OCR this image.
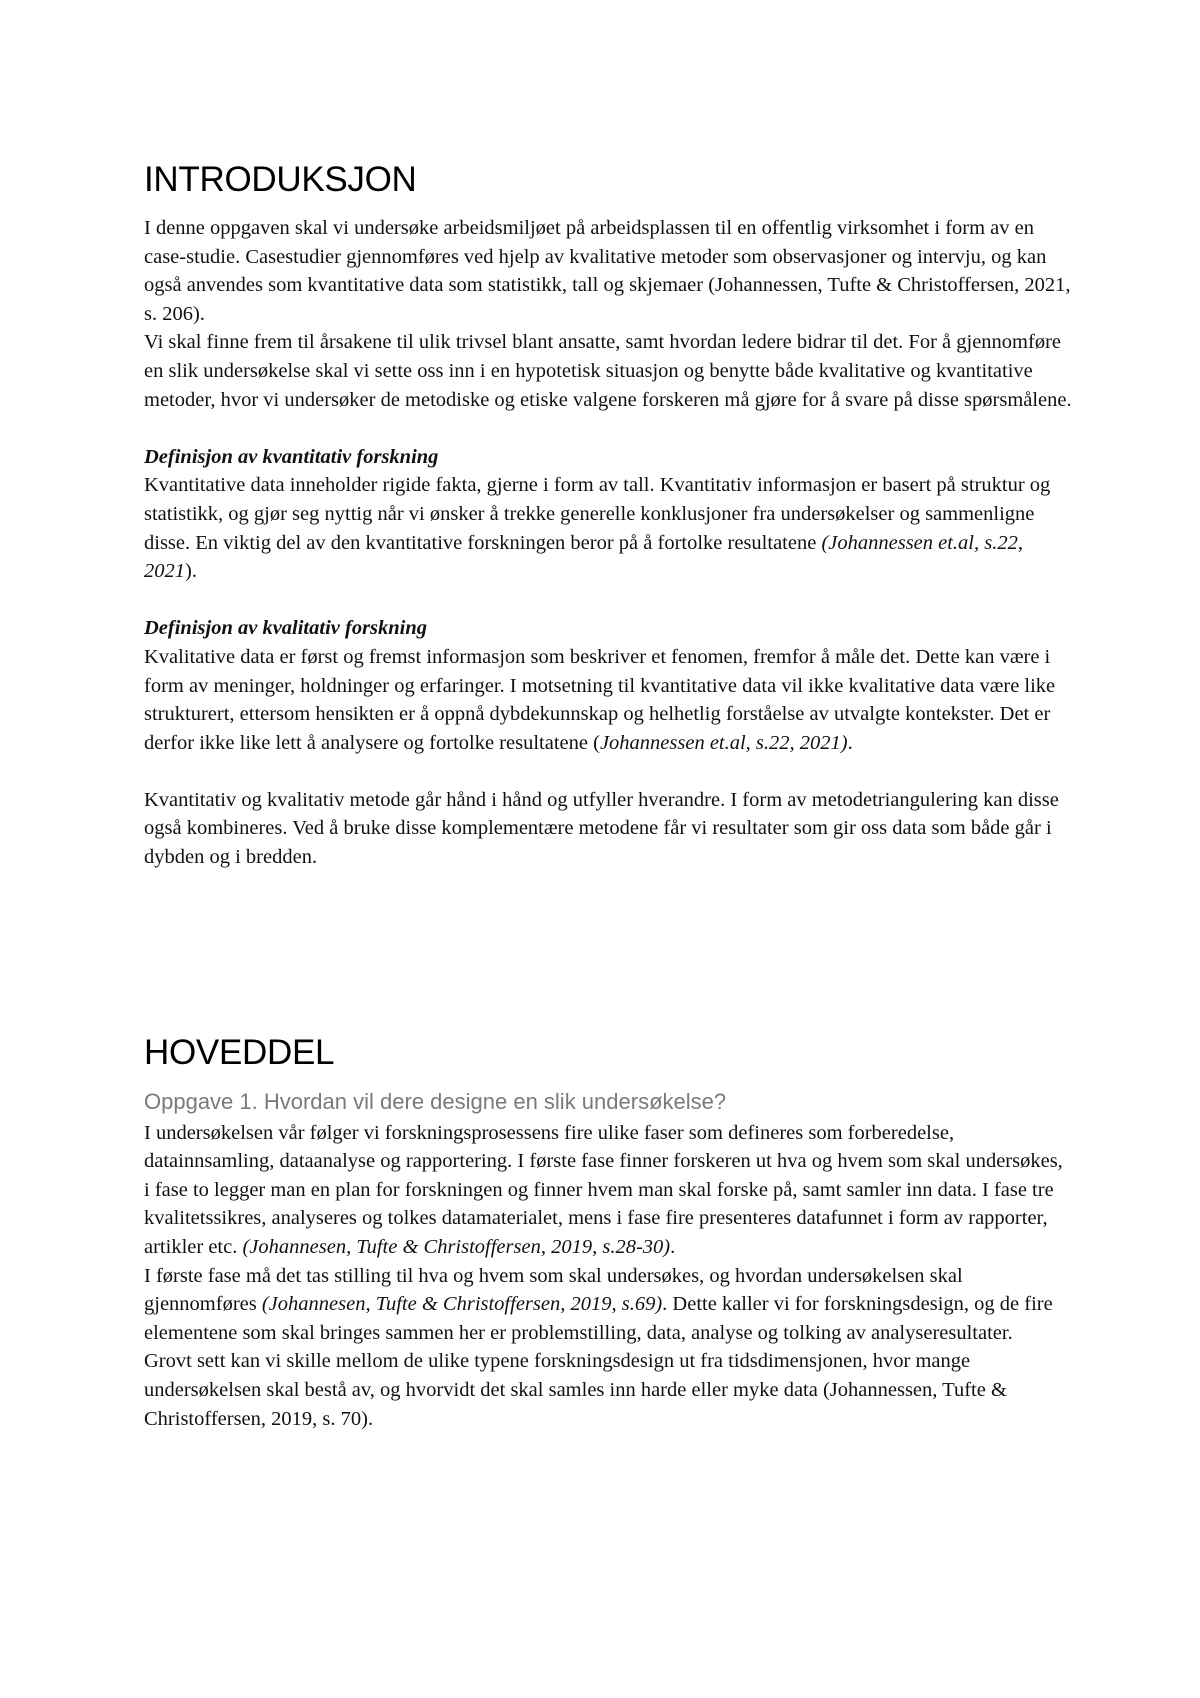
INTRODUKSJON

I denne oppgaven skal vi undersøke arbeidsmiljøet på arbeidsplassen til en offentlig virksomhet i form av en case-studie. Casestudier gjennomføres ved hjelp av kvalitative metoder som observasjoner og intervju, og kan også anvendes som kvantitative data som statistikk, tall og skjemaer (Johannessen, Tufte & Christoffersen, 2021, s. 206).

Vi skal finne frem til årsakene til ulik trivsel blant ansatte, samt hvordan ledere bidrar til det. For å gjennomføre en slik undersøkelse skal vi sette oss inn i en hypotetisk situasjon og benytte både kvalitative og kvantitative metoder, hvor vi undersøker de metodiske og etiske valgene forskeren må gjøre for å svare på disse spørsmålene.

Definisjon av kvantitativ forskning

Kvantitative data inneholder rigide fakta, gjerne i form av tall. Kvantitativ informasjon er basert på struktur og statistikk, og gjør seg nyttig når vi ønsker å trekke generelle konklusjoner fra undersøkelser og sammenligne disse. En viktig del av den kvantitative forskningen beror på å fortolke resultatene (Johannessen et.al, s.22, 2021).

Definisjon av kvalitativ forskning

Kvalitative data er først og fremst informasjon som beskriver et fenomen, fremfor å måle det. Dette kan være i form av meninger, holdninger og erfaringer. I motsetning til kvantitative data vil ikke kvalitative data være like strukturert, ettersom hensikten er å oppnå dybdekunnskap og helhetlig forståelse av utvalgte kontekster. Det er derfor ikke like lett å analysere og fortolke resultatene (Johannessen et.al, s.22, 2021).

Kvantitativ og kvalitativ metode går hånd i hånd og utfyller hverandre. I form av metodetriangulering kan disse også kombineres. Ved å bruke disse komplementære metodene får vi resultater som gir oss data som både går i dybden og i bredden.

HOVEDDEL
Oppgave 1. Hvordan vil dere designe en slik undersøkelse?

I undersøkelsen vår følger vi forskningsprosessens fire ulike faser som defineres som forberedelse, datainnsamling, dataanalyse og rapportering. I første fase finner forskeren ut hva og hvem som skal undersøkes, i fase to legger man en plan for forskningen og finner hvem man skal forske på, samt samler inn data. I fase tre kvalitetssikres, analyseres og tolkes datamaterialet, mens i fase fire presenteres datafunnet i form av rapporter, artikler etc. (Johannesen, Tufte & Christoffersen, 2019, s.28-30).

I første fase må det tas stilling til hva og hvem som skal undersøkes, og hvordan undersøkelsen skal gjennomføres (Johannesen, Tufte & Christoffersen, 2019, s.69). Dette kaller vi for forskningsdesign, og de fire elementene som skal bringes sammen her er problemstilling, data, analyse og tolking av analyseresultater.

Grovt sett kan vi skille mellom de ulike typene forskningsdesign ut fra tidsdimensjonen, hvor mange undersøkelsen skal bestå av, og hvorvidt det skal samles inn harde eller myke data (Johannessen, Tufte & Christoffersen, 2019, s. 70).
